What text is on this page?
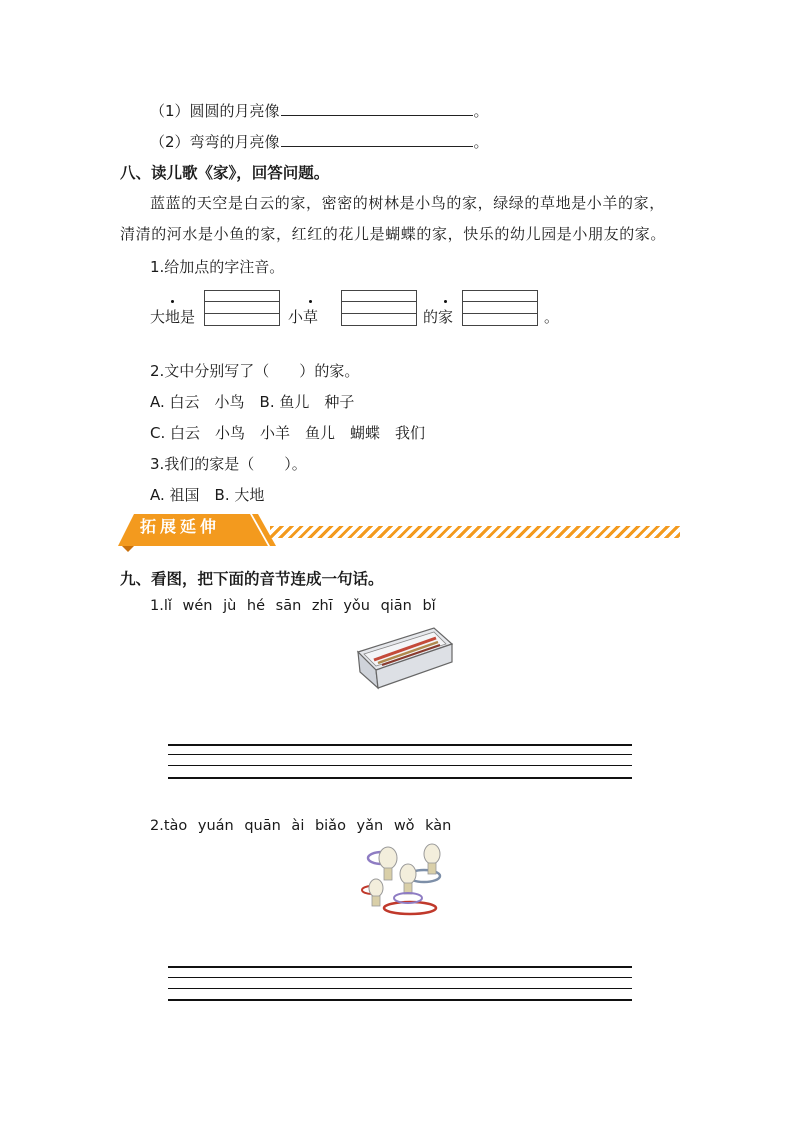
（1）圆圆的月亮像	。
（2）弯弯的月亮像	。
八、读儿歌《家》，回答问题。
蓝蓝的天空是白云的家，密密的树林是小鸟的家，绿绿的草地是小羊的家，
清清的河水是小鱼的家，红红的花儿是蝴蝶的家，快乐的幼儿园是小朋友的家。
1.给加点的字注音。
大地是	小草	的家	。
2.文中分别写了（　　）的家。
A. 白云　小鸟　B. 鱼儿　种子
C. 白云　小鸟　小羊　鱼儿　蝴蝶　我们
3.我们的家是（　　）。
A. 祖国　B. 大地
拓展延伸
九、看图，把下面的音节连成一句话。
1.lǐ wén jù hé sān zhī yǒu qiān bǐ
2.tào yuán quān ài biǎo yǎn wǒ kàn
